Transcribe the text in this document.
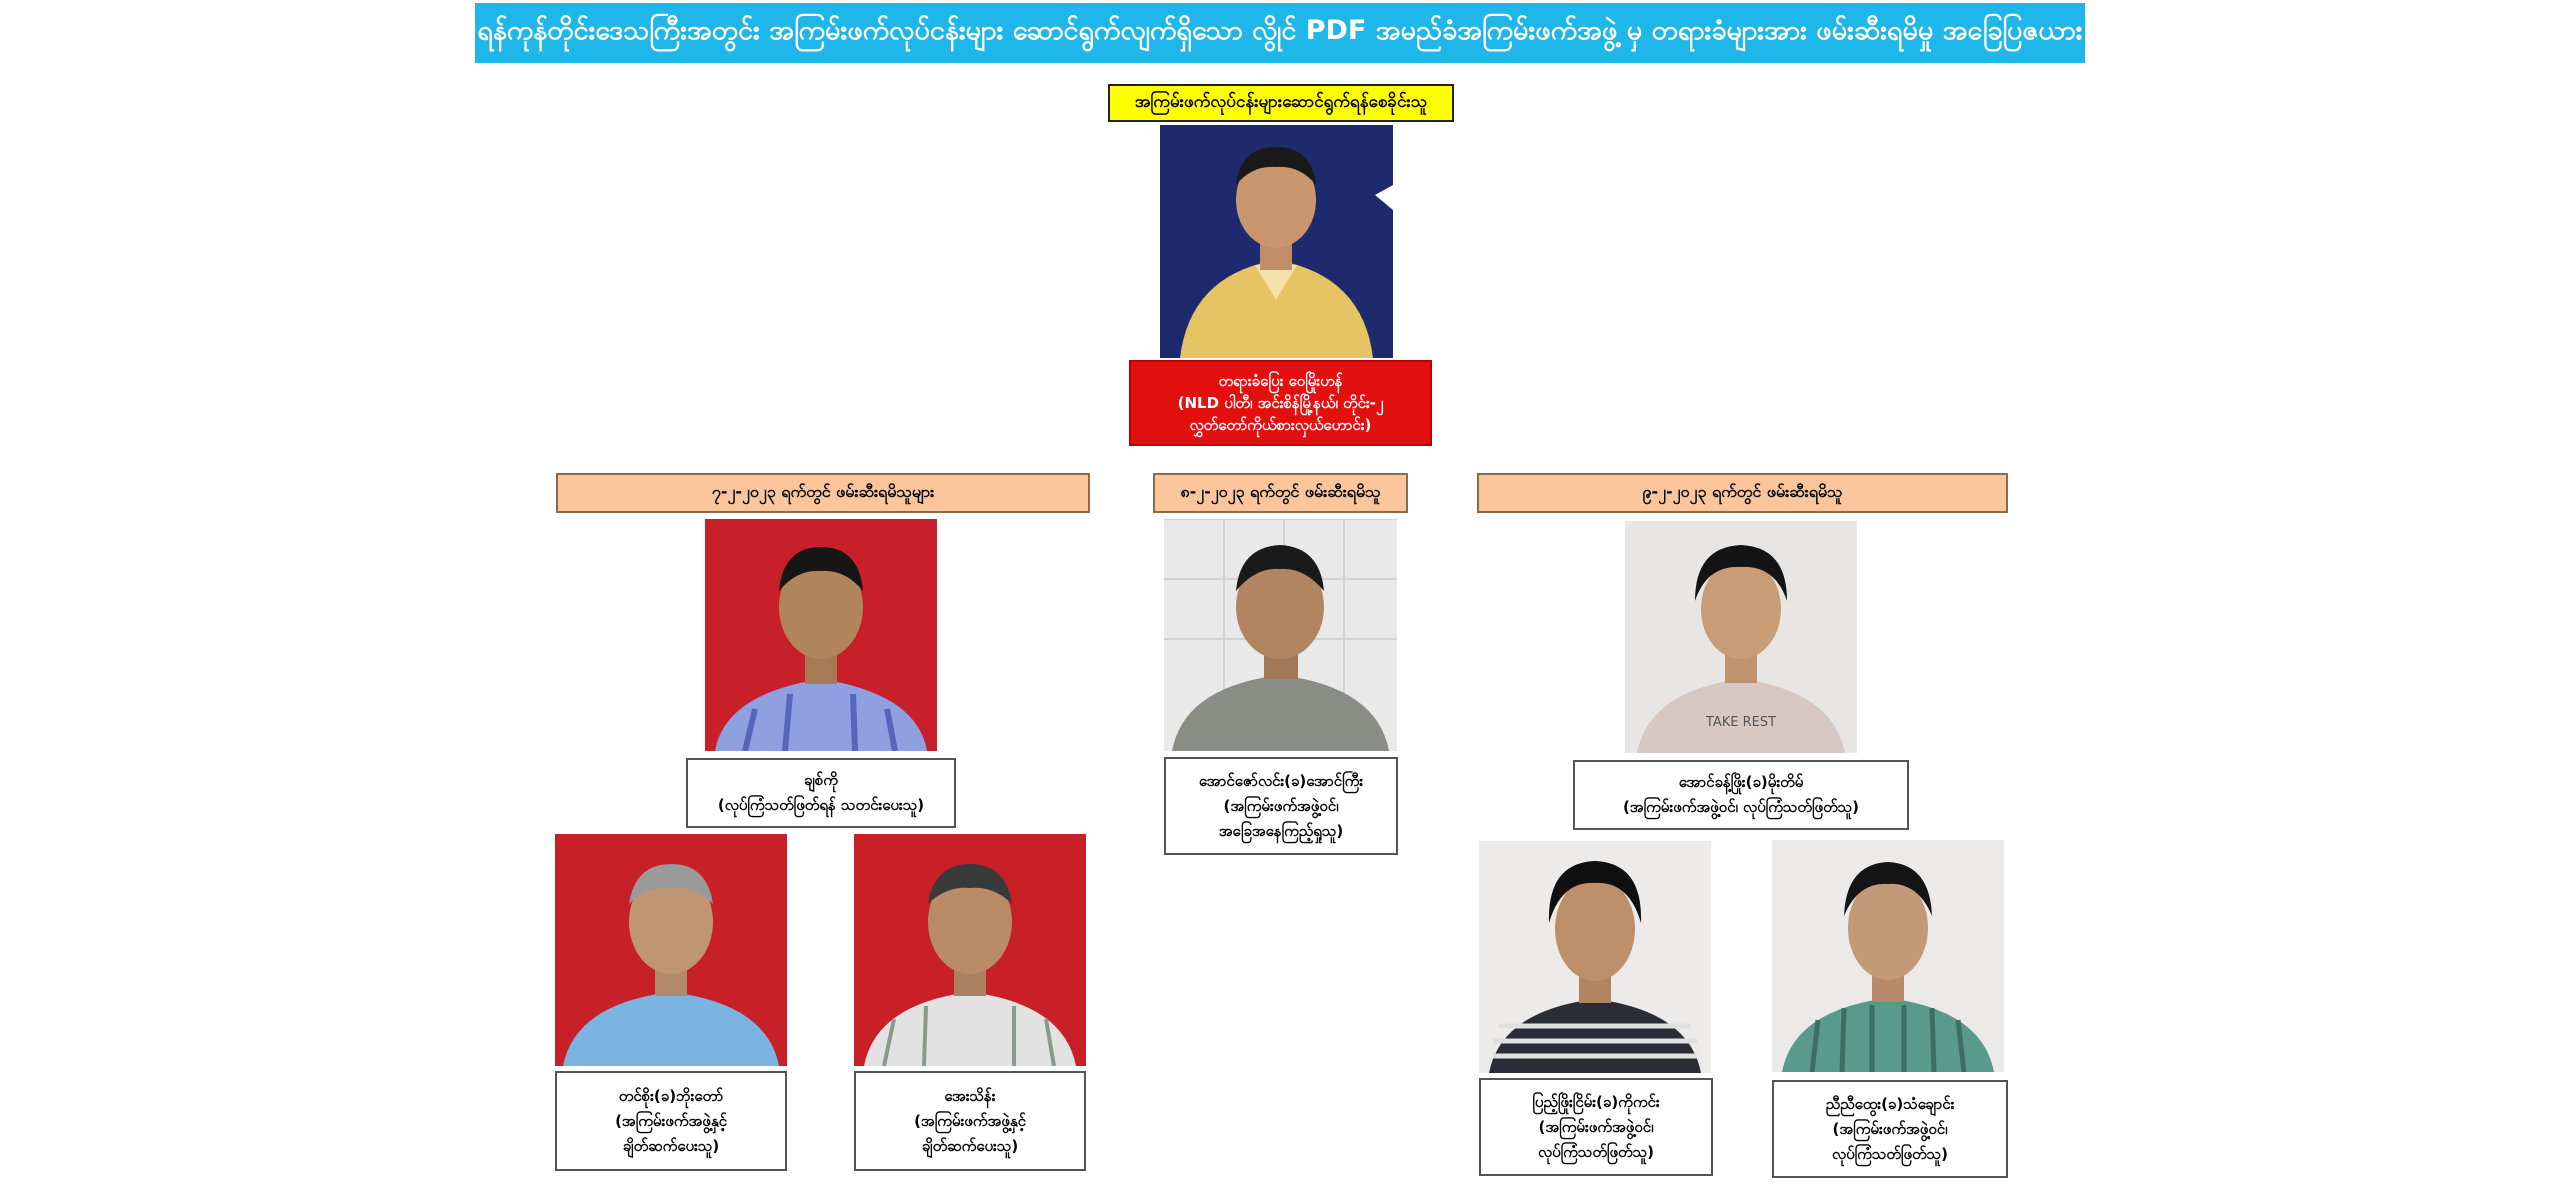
ရန်ကုန်တိုင်းဒေသကြီးအတွင်း အကြမ်းဖက်လုပ်ငန်းများ ဆောင်ရွက်လျက်ရှိသော လွိုင် PDF အမည်ခံအကြမ်းဖက်အဖွဲ့ မှ တရားခံများအား ဖမ်းဆီးရမိမှု အခြေပြဇယား
အကြမ်းဖက်လုပ်ငန်းများဆောင်ရွက်ရန်စေခိုင်းသူ
တရားခံပြေး ဝေမြိုးဟန်
(NLD ပါတီ၊ အင်းစိန်မြို့နယ်၊ တိုင်း-၂
လွှတ်တော်ကိုယ်စားလှယ်ဟောင်း)
၇-၂-၂၀၂၃ ရက်တွင် ဖမ်းဆီးရမိသူများ	၈-၂-၂၀၂၃ ရက်တွင် ဖမ်းဆီးရမိသူ	၉-၂-၂၀၂၃ ရက်တွင် ဖမ်းဆီးရမိသူ
ချစ်ကို
(လုပ်ကြံသတ်ဖြတ်ရန် သတင်းပေးသူ)
တင်စိုး(ခ)ဘိုးတော်
(အကြမ်းဖက်အဖွဲ့နှင့်
ချိတ်ဆက်ပေးသူ)
အေးသိန်း
(အကြမ်းဖက်အဖွဲ့နှင့်
ချိတ်ဆက်ပေးသူ)
အောင်ဇော်လင်း(ခ)အောင်ကြီး
(အကြမ်းဖက်အဖွဲ့ဝင်၊
အခြေအနေကြည့်ရှုသူ)
TAKE REST
အောင်ခန့်ဖြိုး(ခ)မိုးတိမ်
(အကြမ်းဖက်အဖွဲ့ဝင်၊ လုပ်ကြံသတ်ဖြတ်သူ)
ပြည့်ဖြိုးငြိမ်း(ခ)ကိုကင်း
(အကြမ်းဖက်အဖွဲ့ဝင်၊
လုပ်ကြံသတ်ဖြတ်သူ)
ညီညီထွေး(ခ)သံချောင်း
(အကြမ်းဖက်အဖွဲ့ဝင်၊
လုပ်ကြံသတ်ဖြတ်သူ)
